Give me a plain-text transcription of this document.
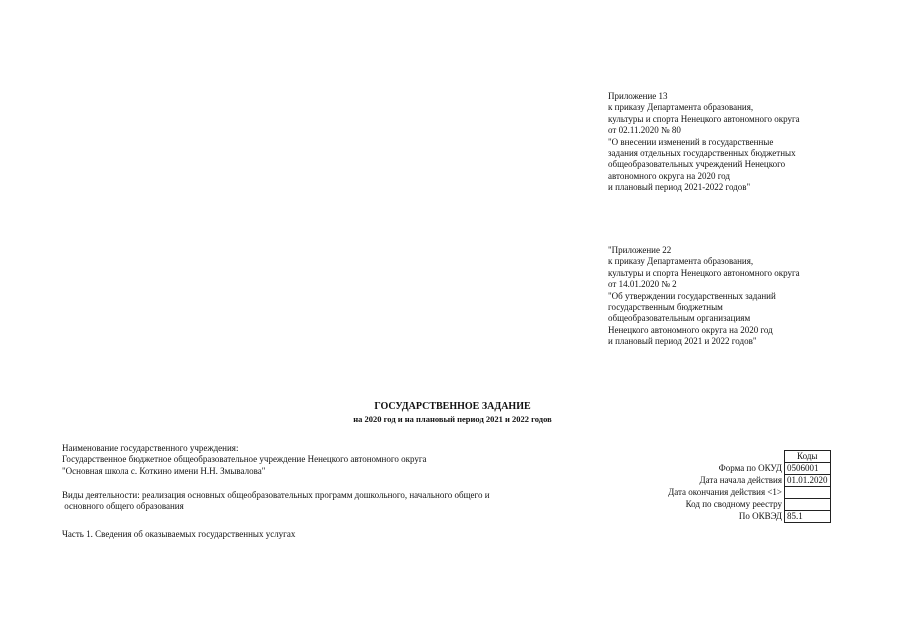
Приложение 13
к приказу Департамента образования,
культуры и спорта Ненецкого автономного округа
от 02.11.2020 № 80
"О внесении изменений в государственные
задания отдельных государственных бюджетных
общеобразовательных учреждений Ненецкого
автономного округа на 2020 год
и плановый период 2021-2022 годов"
"Приложение 22
к приказу Департамента образования,
культуры и спорта Ненецкого автономного округа
от 14.01.2020 № 2
"Об утверждении государственных заданий
государственным бюджетным
общеобразовательным организациям
Ненецкого автономного округа на 2020 год
и плановый период 2021 и 2022 годов"
ГОСУДАРСТВЕННОЕ ЗАДАНИЕ
на 2020 год и на плановый период 2021 и 2022 годов
Наименование государственного учреждения:
Государственное бюджетное общеобразовательное учреждение Ненецкого автономного округа
"Основная школа с. Коткино имени Н.Н. Змывалова"
Виды деятельности: реализация основных общеобразовательных программ дошкольного, начального общего и
основного общего образования
Часть 1. Сведения об оказываемых государственных услугах
	Коды
Форма по ОКУД	0506001
Дата начала действия	01.01.2020
Дата окончания действия <1>	
Код по сводному реестру	
По ОКВЭД	85.1
